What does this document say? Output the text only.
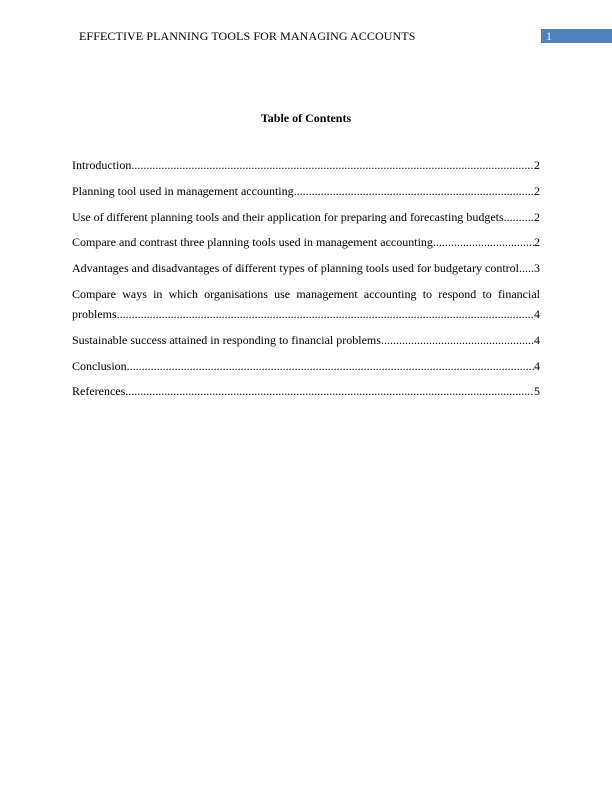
EFFECTIVE PLANNING TOOLS FOR MANAGING ACCOUNTS	1
Table of Contents
Introduction .....	2
Planning tool used in management accounting .....	2
Use of different planning tools and their application for preparing and forecasting budgets .....	2
Compare and contrast three planning tools used in management accounting .....	2
Advantages and disadvantages of different types of planning tools used for budgetary control ..... 3
Compare ways in which organisations use management accounting to respond to financial
problems .....	4
Sustainable success attained in responding to financial problems .....	4
Conclusion .....	4
References .....	5
